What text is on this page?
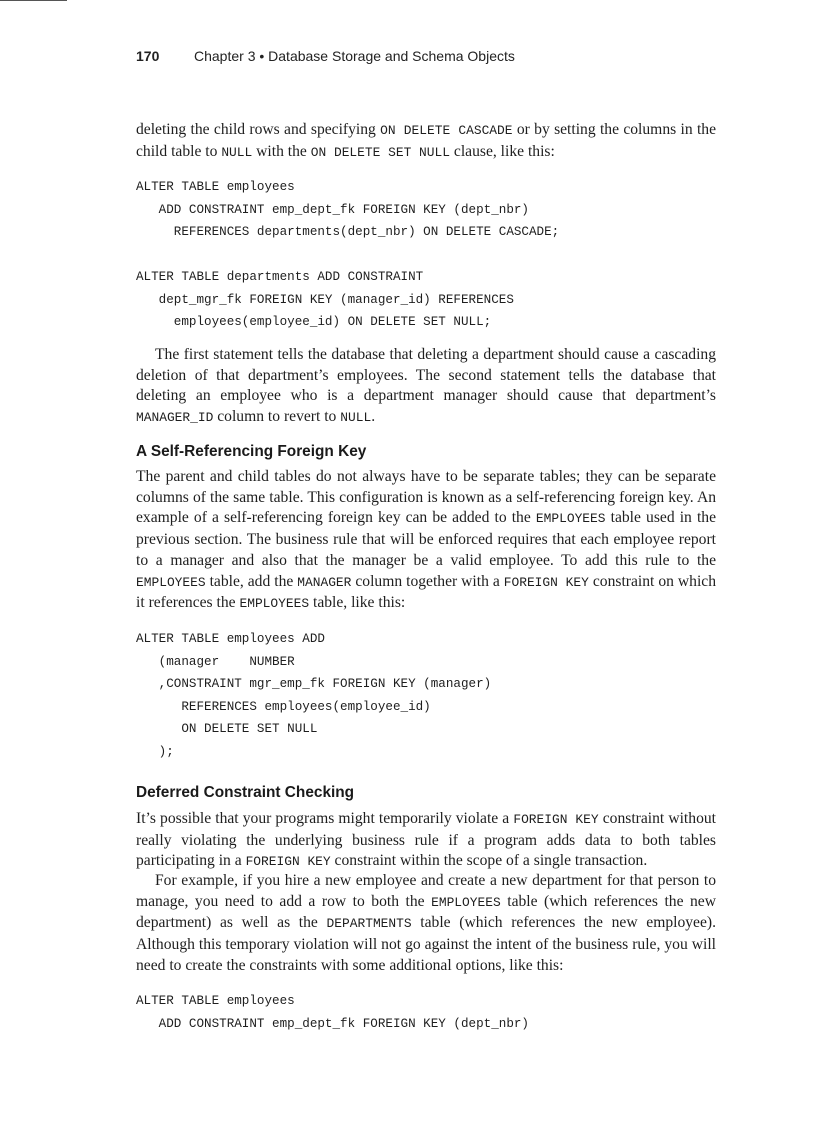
170 Chapter 3 • Database Storage and Schema Objects

deleting the child rows and specifying ON DELETE CASCADE or by setting the columns in the child table to NULL with the ON DELETE SET NULL clause, like this:

ALTER TABLE employees
ADD CONSTRAINT emp_dept_fk FOREIGN KEY (dept_nbr)
REFERENCES departments(dept_nbr) ON DELETE CASCADE;
ALTER TABLE departments ADD CONSTRAINT
dept_mgr_fk FOREIGN KEY (manager_id) REFERENCES
employees(employee_id) ON DELETE SET NULL;

The first statement tells the database that deleting a department should cause a cascading deletion of that department’s employees. The second statement tells the database that deleting an employee who is a department manager should cause that department’s MANAGER_ID column to revert to NULL.

A Self-Referencing Foreign Key

The parent and child tables do not always have to be separate tables; they can be separate columns of the same table. This configuration is known as a self-referencing foreign key. An example of a self-referencing foreign key can be added to the EMPLOYEES table used in the previous section. The business rule that will be enforced requires that each employee report to a manager and also that the manager be a valid employee. To add this rule to the EMPLOYEES table, add the MANAGER column together with a FOREIGN KEY constraint on which it references the EMPLOYEES table, like this:

ALTER TABLE employees ADD
(manager    NUMBER
,CONSTRAINT mgr_emp_fk FOREIGN KEY (manager)
REFERENCES employees(employee_id)
ON DELETE SET NULL
);
Deferred Constraint Checking

It’s possible that your programs might temporarily violate a FOREIGN KEY constraint without really violating the underlying business rule if a program adds data to both tables participating in a FOREIGN KEY constraint within the scope of a single transaction.

For example, if you hire a new employee and create a new department for that person to manage, you need to add a row to both the EMPLOYEES table (which references the new department) as well as the DEPARTMENTS table (which references the new employee). Although this temporary violation will not go against the intent of the business rule, you will need to create the constraints with some additional options, like this:

ALTER TABLE employees
ADD CONSTRAINT emp_dept_fk FOREIGN KEY (dept_nbr)
